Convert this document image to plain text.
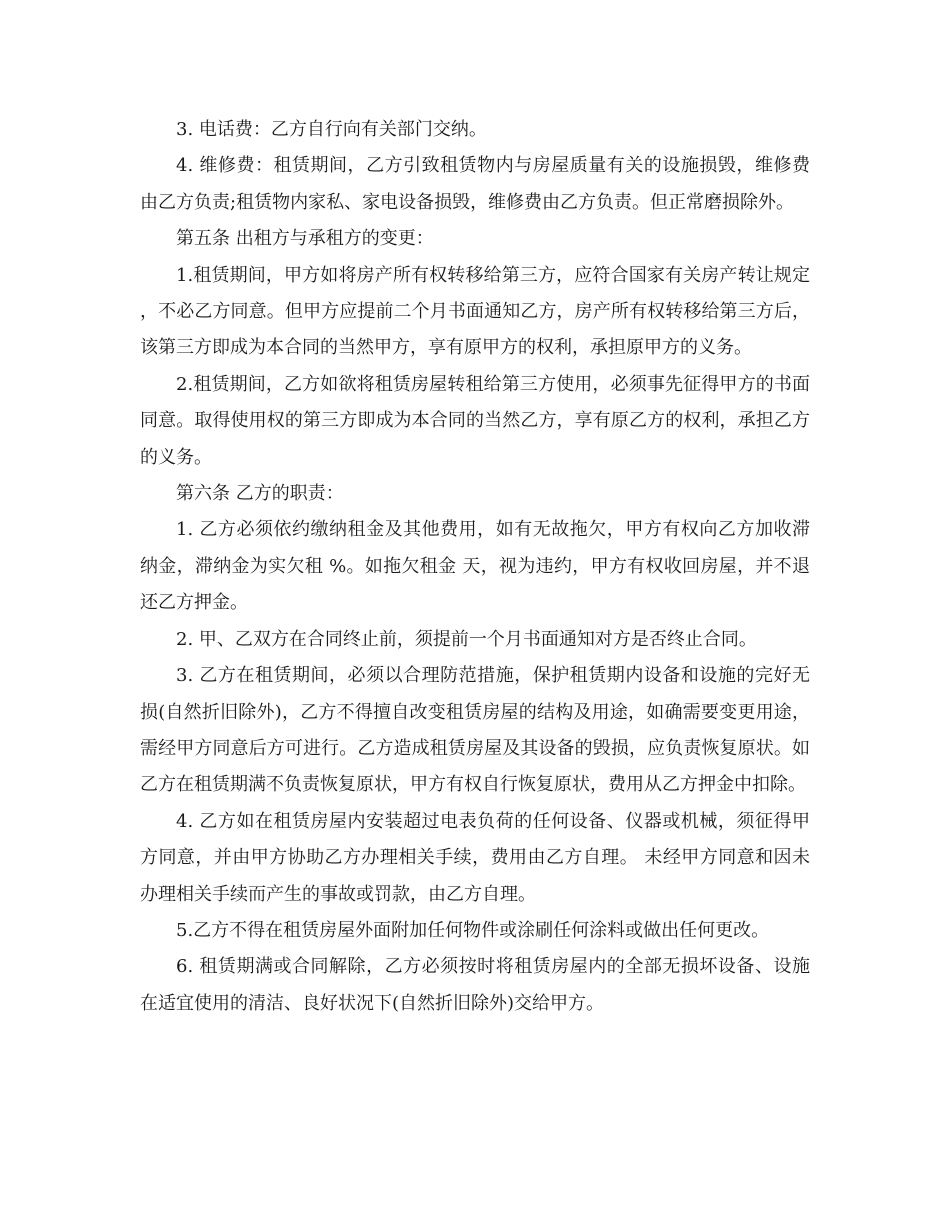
3. 电话费：乙方自行向有关部门交纳。

4. 维修费：租赁期间，乙方引致租赁物内与房屋质量有关的设施损毁，维修费由乙方负责;租赁物内家私、家电设备损毁，维修费由乙方负责。但正常磨损除外。

第五条 出租方与承租方的变更：

1.租赁期间，甲方如将房产所有权转移给第三方，应符合国家有关房产转让规定，不必乙方同意。但甲方应提前二个月书面通知乙方，房产所有权转移给第三方后，该第三方即成为本合同的当然甲方，享有原甲方的权利，承担原甲方的义务。

2.租赁期间，乙方如欲将租赁房屋转租给第三方使用，必须事先征得甲方的书面同意。取得使用权的第三方即成为本合同的当然乙方，享有原乙方的权利，承担乙方的义务。

第六条 乙方的职责：

1. 乙方必须依约缴纳租金及其他费用，如有无故拖欠，甲方有权向乙方加收滞纳金，滞纳金为实欠租 %。如拖欠租金 天，视为违约，甲方有权收回房屋，并不退还乙方押金。

2. 甲、乙双方在合同终止前，须提前一个月书面通知对方是否终止合同。

3. 乙方在租赁期间，必须以合理防范措施，保护租赁期内设备和设施的完好无损(自然折旧除外)，乙方不得擅自改变租赁房屋的结构及用途，如确需要变更用途，需经甲方同意后方可进行。乙方造成租赁房屋及其设备的毁损，应负责恢复原状。如乙方在租赁期满不负责恢复原状，甲方有权自行恢复原状，费用从乙方押金中扣除。

4. 乙方如在租赁房屋内安装超过电表负荷的任何设备、仪器或机械，须征得甲方同意，并由甲方协助乙方办理相关手续，费用由乙方自理。 未经甲方同意和因未办理相关手续而产生的事故或罚款，由乙方自理。

5.乙方不得在租赁房屋外面附加任何物件或涂刷任何涂料或做出任何更改。

6. 租赁期满或合同解除，乙方必须按时将租赁房屋内的全部无损坏设备、设施在适宜使用的清洁、良好状况下(自然折旧除外)交给甲方。
